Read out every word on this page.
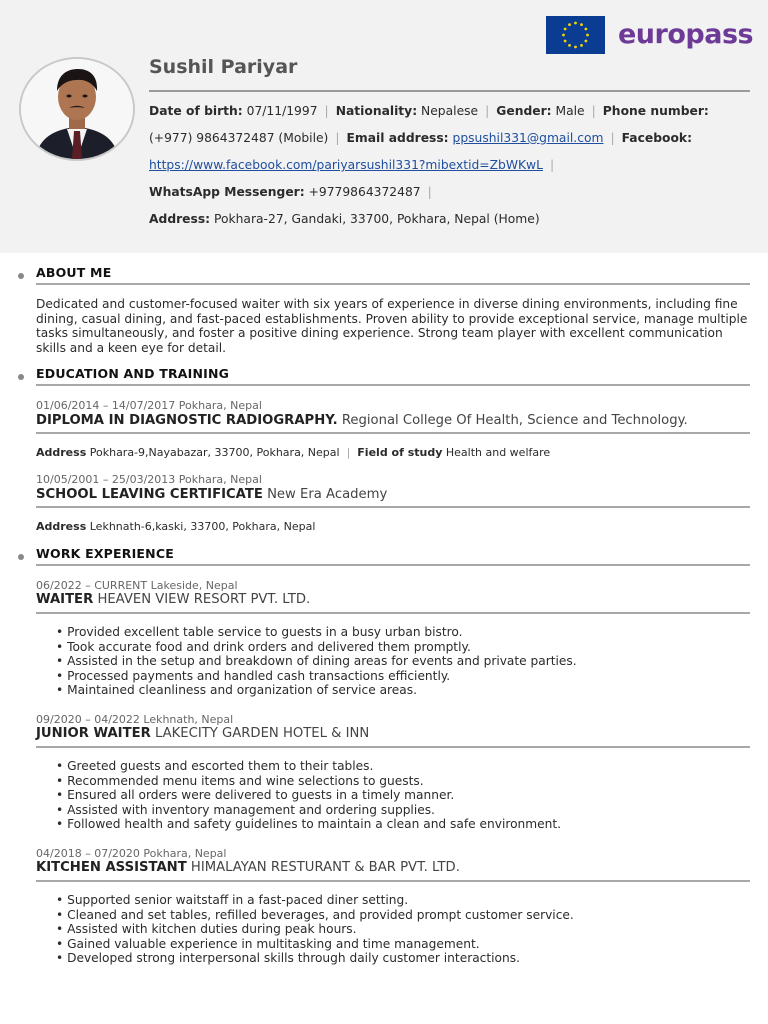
europass
Sushil Pariyar
Date of birth: 07/11/1997 | Nationality: Nepalese | Gender: Male | Phone number:
(+977) 9864372487 (Mobile) | Email address: ppsushil331@gmail.com | Facebook:
https://www.facebook.com/pariyarsushil331?mibextid=ZbWKwL |
WhatsApp Messenger: +9779864372487 |
Address: Pokhara-27, Gandaki, 33700, Pokhara, Nepal (Home)
ABOUT ME
Dedicated and customer-focused waiter with six years of experience in diverse dining environments, including fine dining, casual dining, and fast-paced establishments. Proven ability to provide exceptional service, manage multiple tasks simultaneously, and foster a positive dining experience. Strong team player with excellent communication skills and a keen eye for detail.
EDUCATION AND TRAINING
01/06/2014 – 14/07/2017 Pokhara, Nepal
DIPLOMA IN DIAGNOSTIC RADIOGRAPHY. Regional College Of Health, Science and Technology.
Address Pokhara-9,Nayabazar, 33700, Pokhara, Nepal | Field of study Health and welfare
10/05/2001 – 25/03/2013 Pokhara, Nepal
SCHOOL LEAVING CERTIFICATE New Era Academy
Address Lekhnath-6,kaski, 33700, Pokhara, Nepal
WORK EXPERIENCE
06/2022 – CURRENT Lakeside, Nepal
WAITER HEAVEN VIEW RESORT PVT. LTD.
• Provided excellent table service to guests in a busy urban bistro.
• Took accurate food and drink orders and delivered them promptly.
• Assisted in the setup and breakdown of dining areas for events and private parties.
• Processed payments and handled cash transactions efficiently.
• Maintained cleanliness and organization of service areas.
09/2020 – 04/2022 Lekhnath, Nepal
JUNIOR WAITER LAKECITY GARDEN HOTEL & INN
• Greeted guests and escorted them to their tables.
• Recommended menu items and wine selections to guests.
• Ensured all orders were delivered to guests in a timely manner.
• Assisted with inventory management and ordering supplies.
• Followed health and safety guidelines to maintain a clean and safe environment.
04/2018 – 07/2020 Pokhara, Nepal
KITCHEN ASSISTANT HIMALAYAN RESTURANT & BAR PVT. LTD.
• Supported senior waitstaff in a fast-paced diner setting.
• Cleaned and set tables, refilled beverages, and provided prompt customer service.
• Assisted with kitchen duties during peak hours.
• Gained valuable experience in multitasking and time management.
• Developed strong interpersonal skills through daily customer interactions.
